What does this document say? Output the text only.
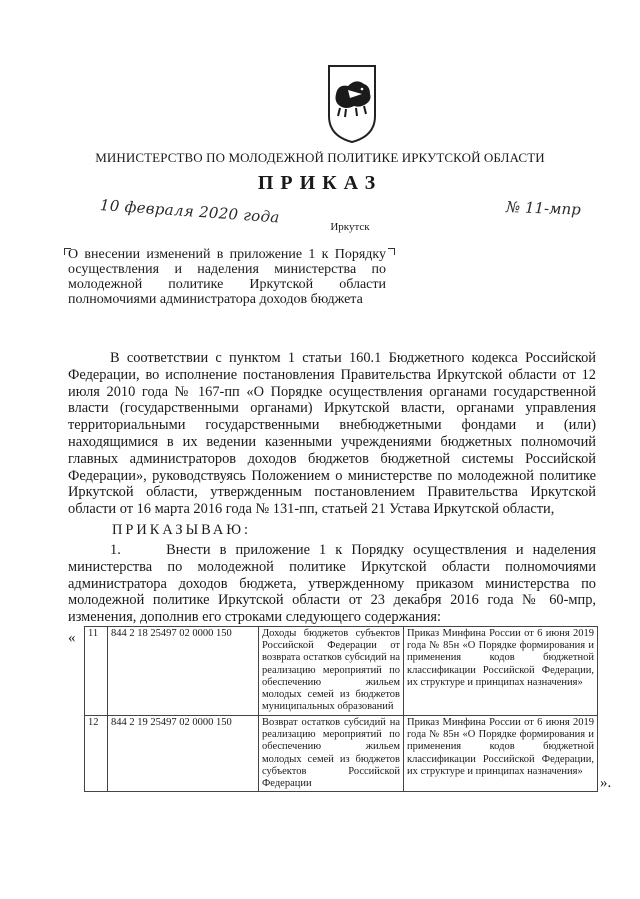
МИНИСТЕРСТВО ПО МОЛОДЕЖНОЙ ПОЛИТИКЕ ИРКУТСКОЙ ОБЛАСТИ
ПРИКАЗ
10 февраля 2020 года	№ 11-мпр
Иркутск
О внесении изменений в приложение 1 к Порядку осуществления и наделения министерства по молодежной политике Иркутской области полномочиями администратора доходов бюджета
В соответствии с пунктом 1 статьи 160.1 Бюджетного кодекса Российской Федерации, во исполнение постановления Правительства Иркутской области от 12 июля 2010 года № 167-пп «О Порядке осуществления органами государственной власти (государственными органами) Иркутской власти, органами управления территориальными государственными внебюджетными фондами и (или) находящимися в их ведении казенными учреждениями бюджетных полномочий главных администраторов доходов бюджетов бюджетной системы Российской Федерации», руководствуясь Положением о министерстве по молодежной политике Иркутской области, утвержденным постановлением Правительства Иркутской области от 16 марта 2016 года № 131-пп, статьей 21 Устава Иркутской области,
ПРИКАЗЫВАЮ:
1.     Внести в приложение 1 к Порядку осуществления и наделения министерства по молодежной политике Иркутской области полномочиями администратора доходов бюджета, утвержденному приказом министерства по молодежной политике Иркутской области от 23 декабря 2016 года № 60-мпр, изменения, дополнив его строками следующего содержания:
« 11	844 2 18 25497 02 0000 150	Доходы бюджетов субъектов Российской Федерации от возврата остатков субсидий на реализацию мероприятий по обеспечению жильем молодых семей из бюджетов муниципальных образований	Приказ Минфина России от 6 июня 2019 года № 85н «О Порядке формирования и применения кодов бюджетной классификации Российской Федерации, их структуре и принципах назначения»
12	844 2 19 25497 02 0000 150	Возврат остатков субсидий на реализацию мероприятий по обеспечению жильем молодых семей из бюджетов субъектов Российской Федерации	Приказ Минфина России от 6 июня 2019 года № 85н «О Порядке формирования и применения кодов бюджетной классификации Российской Федерации, их структуре и принципах назначения»
».
